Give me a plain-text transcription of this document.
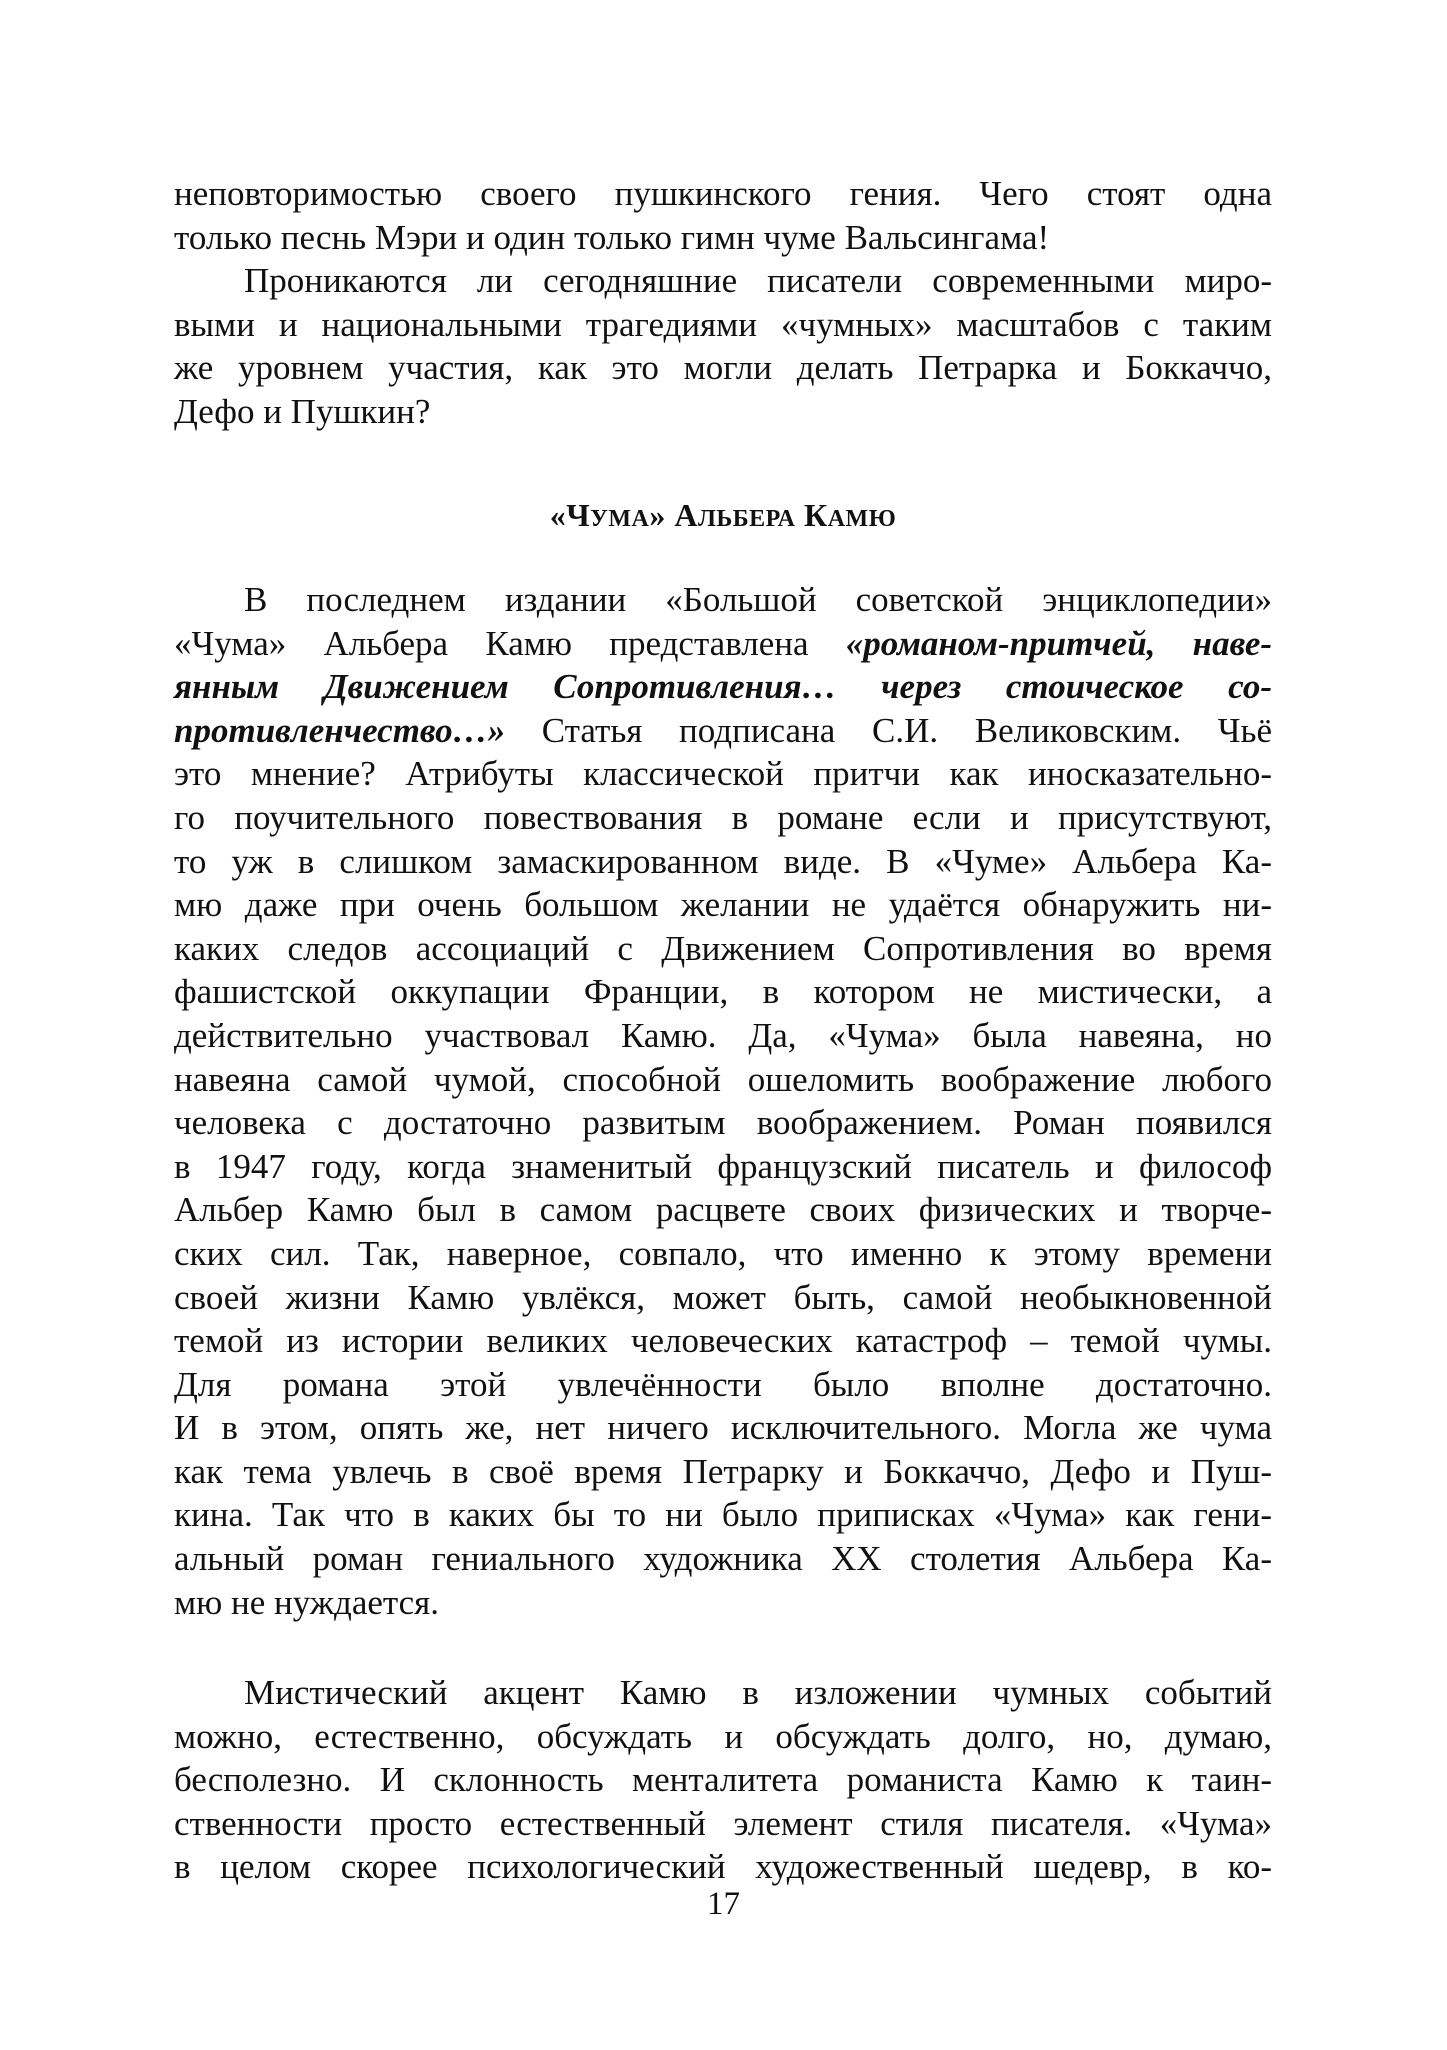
неповторимостью своего пушкинского гения. Чего стоят одна
только песнь Мэри и один только гимн чуме Вальсингама!
Проникаются ли сегодняшние писатели современными миро-
выми и национальными трагедиями «чумных» масштабов с таким
же уровнем участия, как это могли делать Петрарка и Боккаччо,
Дефо и Пушкин?
«ЧУМА» АЛЬБЕРА КАМЮ
В последнем издании «Большой советской энциклопедии»
«Чума» Альбера Камю представлена «романом-притчей, наве-
янным Движением Сопротивления… через стоическое со-
противленчество…» Статья подписана С.И. Великовским. Чьё
это мнение? Атрибуты классической притчи как иносказательно-
го поучительного повествования в романе если и присутствуют,
то уж в слишком замаскированном виде. В «Чуме» Альбера Ка-
мю даже при очень большом желании не удаётся обнаружить ни-
каких следов ассоциаций с Движением Сопротивления во время
фашистской оккупации Франции, в котором не мистически, а
действительно участвовал Камю. Да, «Чума» была навеяна, но
навеяна самой чумой, способной ошеломить воображение любого
человека с достаточно развитым воображением. Роман появился
в 1947 году, когда знаменитый французский писатель и философ
Альбер Камю был в самом расцвете своих физических и творче-
ских сил. Так, наверное, совпало, что именно к этому времени
своей жизни Камю увлёкся, может быть, самой необыкновенной
темой из истории великих человеческих катастроф – темой чумы.
Для романа этой увлечённости было вполне достаточно.
И в этом, опять же, нет ничего исключительного. Могла же чума
как тема увлечь в своё время Петрарку и Боккаччо, Дефо и Пуш-
кина. Так что в каких бы то ни было приписках «Чума» как гени-
альный роман гениального художника XX столетия Альбера Ка-
мю не нуждается.
Мистический акцент Камю в изложении чумных событий
можно, естественно, обсуждать и обсуждать долго, но, думаю,
бесполезно. И склонность менталитета романиста Камю к таин-
ственности просто естественный элемент стиля писателя. «Чума»
в целом скорее психологический художественный шедевр, в ко-
17
